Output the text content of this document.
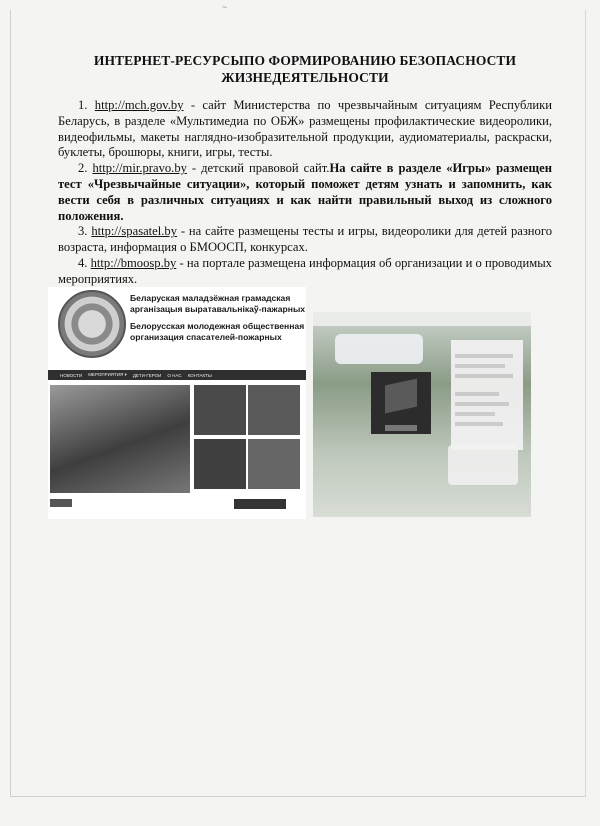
~
ИНТЕРНЕТ-РЕСУРСЫПО ФОРМИРОВАНИЮ БЕЗОПАСНОСТИ
ЖИЗНЕДЕЯТЕЛЬНОСТИ

1. http://mch.gov.by - сайт Министерства по чрезвычайным ситуациям Республики Беларусь, в разделе «Мультимедиа по ОБЖ» размещены профилактические видеоролики, видеофильмы, макеты наглядно-изобразительной продукции, аудиоматериалы, раскраски, буклеты, брошюры, книги, игры, тесты.

2. http://mir.pravo.by - детский правовой сайт.На сайте в разделе «Игры» размещен тест «Чрезвычайные ситуации», который поможет детям узнать и запомнить, как вести себя в различных ситуациях и как найти правильный выход из сложного положения.

3. http://spasatel.by - на сайте размещены тесты и игры, видеоролики для детей разного возраста, информация о БМООСП, конкурсах.

4. http://bmoosp.by - на портале размещена информация об организации и о проводимых мероприятиях.

Беларуская маладзёжная грамадская
арганізацыя выратавальнікаў-пажарных
Белорусская молодежная общественная
организация спасателей-пожарных
НОВОСТИ МЕРОПРИЯТИЯ ▾ ДЕТИ-ГЕРОИ О НАС КОНТАКТЫ
